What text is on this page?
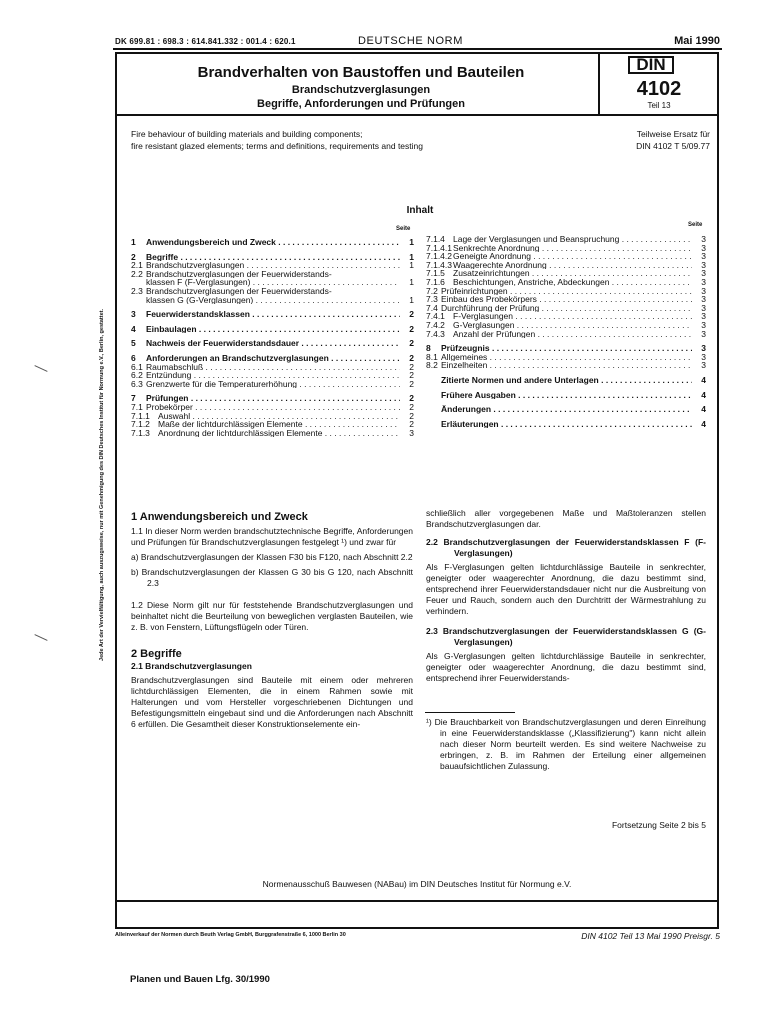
DK 699.81 : 698.3 : 614.841.332 : 001.4 : 620.1	DEUTSCHE NORM	Mai 1990
Brandverhalten von Baustoffen und Bauteilen
Brandschutzverglasungen
Begriffe, Anforderungen und Prüfungen
DIN
4102
Teil 13
Fire behaviour of building materials and building components;
fire resistant glazed elements; terms and definitions, requirements and testing
Teilweise Ersatz für
DIN 4102 T 5/09.77
Inhalt
Seite
Seite
1	Anwendungsbereich und Zweck . . .	1
2	Begriffe . . .	1
2.1 Brandschutzverglasungen . . .	1
2.2 Brandschutzverglasungen der Feuerwiderstands-
klassen F (F-Verglasungen) . . .	1
2.3 Brandschutzverglasungen der Feuerwiderstands-
klassen G (G-Verglasungen) . . .	1
3	Feuerwiderstandsklassen . . .	2
4	Einbaulagen . . .	2
5	Nachweis der Feuerwiderstandsdauer . . .	2
6	Anforderungen an Brandschutzverglasungen . . .	2
6.1 Raumabschluß . . .	2
6.2 Entzündung . . .	2
6.3 Grenzwerte für die Temperaturerhöhung . . .	2
7	Prüfungen . . .	2
7.1 Probekörper . . .	2
7.1.1 Auswahl . . .	2
7.1.2 Maße der lichtdurchlässigen Elemente . . .	2
7.1.3 Anordnung der lichtdurchlässigen Elemente . . .	3
7.1.4 Lage der Verglasungen und Beanspruchung . . .	3
7.1.4.1 Senkrechte Anordnung . . .	3
7.1.4.2 Geneigte Anordnung . . .	3
7.1.4.3 Waagerechte Anordnung . . .	3
7.1.5 Zusatzeinrichtungen . . .	3
7.1.6 Beschichtungen, Anstriche, Abdeckungen . . .	3
7.2 Prüfeinrichtungen . . .	3
7.3 Einbau des Probekörpers . . .	3
7.4 Durchführung der Prüfung . . .	3
7.4.1 F-Verglasungen . . .	3
7.4.2 G-Verglasungen . . .	3
7.4.3 Anzahl der Prüfungen . . .	3
8	Prüfzeugnis . . .	3
8.1 Allgemeines . . .	3
8.2 Einzelheiten . . .	3
Zitierte Normen und andere Unterlagen . . .	4
Frühere Ausgaben . . .	4
Änderungen . . .	4
Erläuterungen . . .	4

1 Anwendungsbereich und Zweck

1.1 In dieser Norm werden brandschutztechnische Begriffe, Anforderungen und Prüfungen für Brandschutzverglasungen festgelegt ¹) und zwar für

a) Brandschutzverglasungen der Klassen F30 bis F120, nach Abschnitt 2.2

b) Brandschutzverglasungen der Klassen G 30 bis G 120, nach Abschnitt 2.3

1.2 Diese Norm gilt nur für feststehende Brandschutzverglasungen und beinhaltet nicht die Beurteilung von beweglichen verglasten Bauteilen, wie z. B. von Fenstern, Lüftungsflügeln oder Türen.

2 Begriffe

2.1 Brandschutzverglasungen

Brandschutzverglasungen sind Bauteile mit einem oder mehreren lichtdurchlässigen Elementen, die in einem Rahmen sowie mit Halterungen und vom Hersteller vorgeschriebenen Dichtungen und Befestigungsmitteln eingebaut sind und die Anforderungen nach Abschnitt 6 erfüllen. Die Gesamtheit dieser Konstruktionselemente ein-

schließlich aller vorgegebenen Maße und Maßtoleranzen stellen Brandschutzverglasungen dar.

2.2 Brandschutzverglasungen der Feuerwiderstandsklassen F (F-Verglasungen)

Als F-Verglasungen gelten lichtdurchlässige Bauteile in senkrechter, geneigter oder waagerechter Anordnung, die dazu bestimmt sind, entsprechend ihrer Feuerwiderstandsdauer nicht nur die Ausbreitung von Feuer und Rauch, sondern auch den Durchtritt der Wärmestrahlung zu verhindern.

2.3 Brandschutzverglasungen der Feuerwiderstandsklassen G (G-Verglasungen)

Als G-Verglasungen gelten lichtdurchlässige Bauteile in senkrechter, geneigter oder waagerechter Anordnung, die dazu bestimmt sind, entsprechend ihrer Feuerwiderstands-

¹) Die Brauchbarkeit von Brandschutzverglasungen und deren Einreihung in eine Feuerwiderstandsklasse („Klassifizierung") kann nicht allein nach dieser Norm beurteilt werden. Es sind weitere Nachweise zu erbringen, z. B. im Rahmen der Erteilung einer allgemeinen bauaufsichtlichen Zulassung.
Fortsetzung Seite 2 bis 5
Normenausschuß Bauwesen (NABau) im DIN Deutsches Institut für Normung e.V.
Jede Art der Vervielfältigung, auch auszugsweise, nur mit Genehmigung des DIN Deutsches Institut für Normung e.V., Berlin, gestattet.
Alleinverkauf der Normen durch Beuth Verlag GmbH, Burggrafenstraße 6, 1000 Berlin 30	DIN 4102 Teil 13 Mai 1990 Preisgr. 5
Planen und Bauen Lfg. 30/1990
